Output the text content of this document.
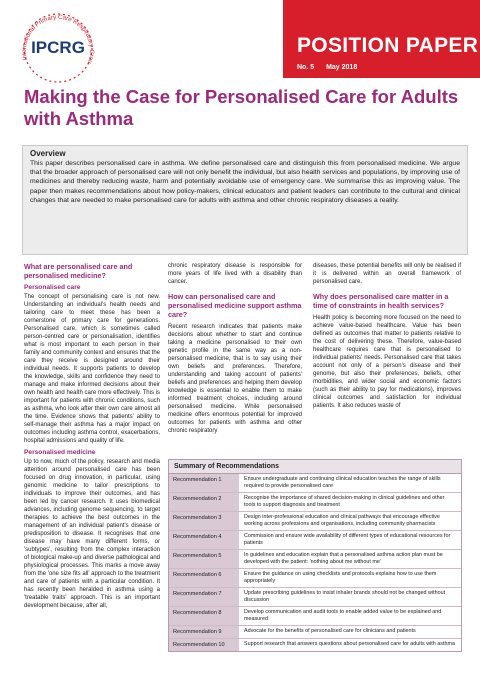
International Primary Care Respiratory Grou
IPCRG	POSITION PAPER
No. 5 May 2018
Making the Case for Personalised Care for Adults with Asthma
Overview

This paper describes personalised care in asthma. We define personalised care and distinguish this from personalised medicine. We argue that the broader approach of personalised care will not only benefit the individual, but also health services and populations, by improving use of medicines and thereby reducing waste, harm and potentially avoidable use of emergency care. We summarise this as improving value. The paper then makes recommendations about how policy-makers, clinical educators and patient leaders can contribute to the cultural and clinical changes that are needed to make personalised care for adults with asthma and other chronic respiratory diseases a reality.

What are personalised care and personalised medicine?
Personalised care

The concept of personalising care is not new. Understanding an individual's health needs and tailoring care to meet these has been a cornerstone of primary care for generations. Personalised care, which is sometimes called person-centred care or personalisation, identifies what is most important to each person in their family and community context and ensures that the care they receive is designed around their individual needs. It supports patients to develop the knowledge, skills and confidence they need to manage and make informed decisions about their own health and health care more effectively. This is important for patients with chronic conditions, such as asthma, who look after their own care almost all the time. Evidence shows that patients' ability to self-manage their asthma has a major impact on outcomes including asthma control, exacerbations, hospital admissions and quality of life.

Personalised medicine

Up to now, much of the policy, research and media attention around personalised care has been focused on drug innovation, in particular, using genomic medicine to tailor prescriptions to individuals to improve their outcomes, and has been led by cancer research. It uses biomedical advances, including genome sequencing, to target therapies to achieve the best outcomes in the management of an individual patient's disease or predisposition to disease. It recognises that one disease may have many different forms, or 'subtypes', resulting from the complex interaction of biological make-up and diverse pathological and physiological processes. This marks a move away from the 'one size fits all' approach to the treatment and care of patients with a particular condition. It has recently been heralded in asthma using a 'treatable traits' approach. This is an important development because, after all,

chronic respiratory disease is responsible for more years of life lived with a disability than cancer.

How can personalised care and personalised medicine support asthma care?

Recent research indicates that patients make decisions about whether to start and continue taking a medicine personalised to their own genetic profile in the same way as a non-personalised medicine, that is to say using their own beliefs and preferences. Therefore, understanding and taking account of patients' beliefs and preferences and helping them develop knowledge is essential to enable them to make informed treatment choices, including around personalised medicine. While personalised medicine offers enormous potential for improved outcomes for patients with asthma and other chronic respiratory

diseases, these potential benefits will only be realised if it is delivered within an overall framework of personalised care.

Why does personalised care matter in a time of constraints in health services?

Health policy is becoming more focused on the need to achieve value-based healthcare. Value has been defined as outcomes that matter to patients relative to the cost of delivering these. Therefore, value-based healthcare requires care that is personalised to individual patients' needs. Personalised care that takes account not only of a person's disease and their genome, but also their preferences, beliefs, other morbidities, and wider social and economic factors (such as their ability to pay for medications), improves clinical outcomes and satisfaction for individual patients. It also reduces waste of

Summary of Recommendations
Recommendation 1	Ensure undergraduate and continuing clinical education teaches the range of skills required to provide personalised care
Recommendation 2	Recognise the importance of shared decision-making in clinical guidelines and other tools to support diagnosis and treatment
Recommendation 3	Design inter-professional education and clinical pathways that encourage effective working across professions and organisations, including community pharmacists
Recommendation 4	Commission and ensure wide availability of different types of educational resources for patients
Recommendation 5	In guidelines and education explain that a personalised asthma action plan must be developed with the patient: 'nothing about me without me'
Recommendation 6	Ensure the guidance on using checklists and protocols explains how to use them appropriately
Recommendation 7	Update prescribing guidelines to insist inhaler brands should not be changed without discussion
Recommendation 8	Develop communication and audit tools to enable added value to be explained and measured
Recommendation 9	Advocate for the benefits of personalised care for clinicians and patients
Recommendation 10	Support research that answers questions about personalised care for adults with asthma
